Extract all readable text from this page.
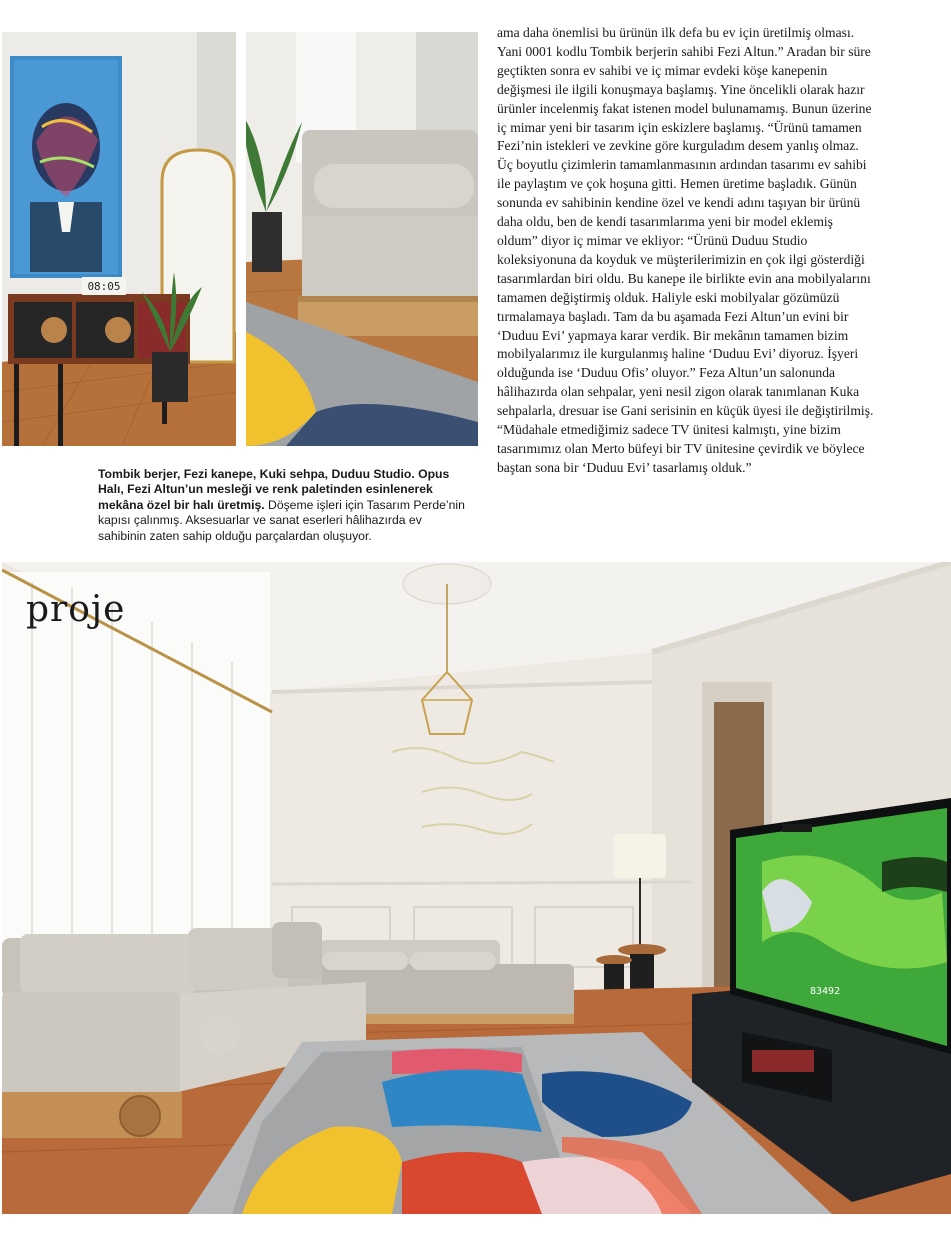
08:05
Tombik berjer, Fezi kanepe, Kuki sehpa, Duduu Studio. Opus Halı, Fezi Altun’un mesleği ve renk paletinden esinlenerek mekâna özel bir halı üretmiş. Döşeme işleri için Tasarım Perde’nin kapısı çalınmış. Aksesuarlar ve sanat eserleri hâlihazırda ev sahibinin zaten sahip olduğu parçalardan oluşuyor.

ama daha önemlisi bu ürünün ilk defa bu ev için üretilmiş olması. Yani 0001 kodlu Tombik berjerin sahibi Fezi Altun.” Aradan bir süre geçtikten sonra ev sahibi ve iç mimar evdeki köşe kanepenin değişmesi ile ilgili konuşmaya başlamış. Yine öncelikli olarak hazır ürünler incelenmiş fakat istenen model bulunamamış. Bunun üzerine iç mimar yeni bir tasarım için eskizlere başlamış. “Ürünü tamamen Fezi’nin istekleri ve zevkine göre kurguladım desem yanlış olmaz. Üç boyutlu çizimlerin tamamlanmasının ardından tasarımı ev sahibi ile paylaştım ve çok hoşuna gitti. Hemen üretime başladık. Günün sonunda ev sahibinin kendine özel ve kendi adını taşıyan bir ürünü daha oldu, ben de kendi tasarımlarıma yeni bir model eklemiş oldum” diyor iç mimar ve ekliyor: “Ürünü Duduu Studio koleksiyonuna da koyduk ve müşterilerimizin en çok ilgi gösterdiği tasarımlardan biri oldu. Bu kanepe ile birlikte evin ana mobilyalarını tamamen değiştirmiş olduk. Haliyle eski mobilyalar gözümüzü tırmalamaya başladı. Tam da bu aşamada Fezi Altun’un evini bir ‘Duduu Evi’ yapmaya karar verdik. Bir mekânın tamamen bizim mobilyalarımız ile kurgulanmış haline ‘Duduu Evi’ diyoruz. İşyeri olduğunda ise ‘Duduu Ofis’ oluyor.” Feza Altun’un salonunda hâlihazırda olan sehpalar, yeni nesil zigon olarak tanımlanan Kuka sehpalarla, dresuar ise Gani serisinin en küçük üyesi ile değiştirilmiş. “Müdahale etmediğimiz sadece TV ünitesi kalmıştı, yine bizim tasarımımız olan Merto büfeyi bir TV ünitesine çevirdik ve böylece baştan sona bir ‘Duduu Evi’ tasarlamış olduk.”

83492
proje
